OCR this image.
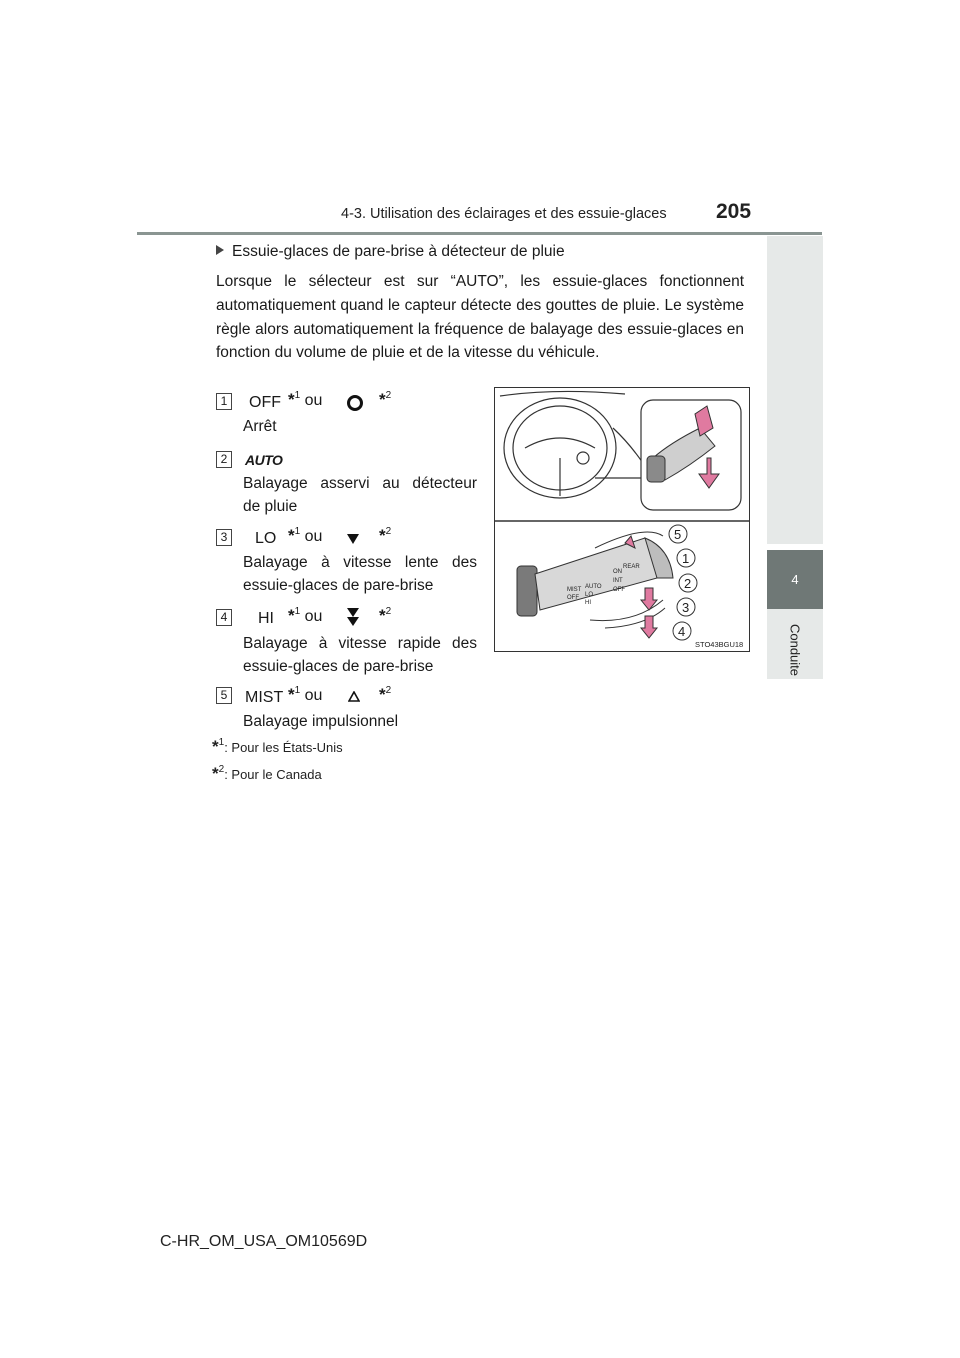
4-3. Utilisation des éclairages et des essuie-glaces 205
4
Conduite
Essuie-glaces de pare-brise à détecteur de pluie
Lorsque le sélecteur est sur “AUTO”, les essuie-glaces fonctionnent automatiquement quand le capteur détecte des gouttes de pluie. Le système règle alors automatiquement la fréquence de balayage des essuie-glaces en fonction du volume de pluie et de la vitesse du véhicule.
1 OFF *$^1$ ou	*$^2$
Arrêt
2	AUTO
Balayage asservi au détecteur
de pluie
3 LO *$^1$ ou	*$^2$
Balayage à vitesse lente des
essuie-glaces de pare-brise
4 HI *$^1$ ou	*$^2$
Balayage à vitesse rapide des
essuie-glaces de pare-brise
5 MIST *$^1$ ou	*$^2$
Balayage impulsionnel
*$^1$: Pour les États-Unis
*$^2$: Pour le Canada
MIST
OFF
AUTO
LO
HI
ON
INT
OFF
REAR
5
1
2
3
4
STO43BGU18
C-HR_OM_USA_OM10569D
